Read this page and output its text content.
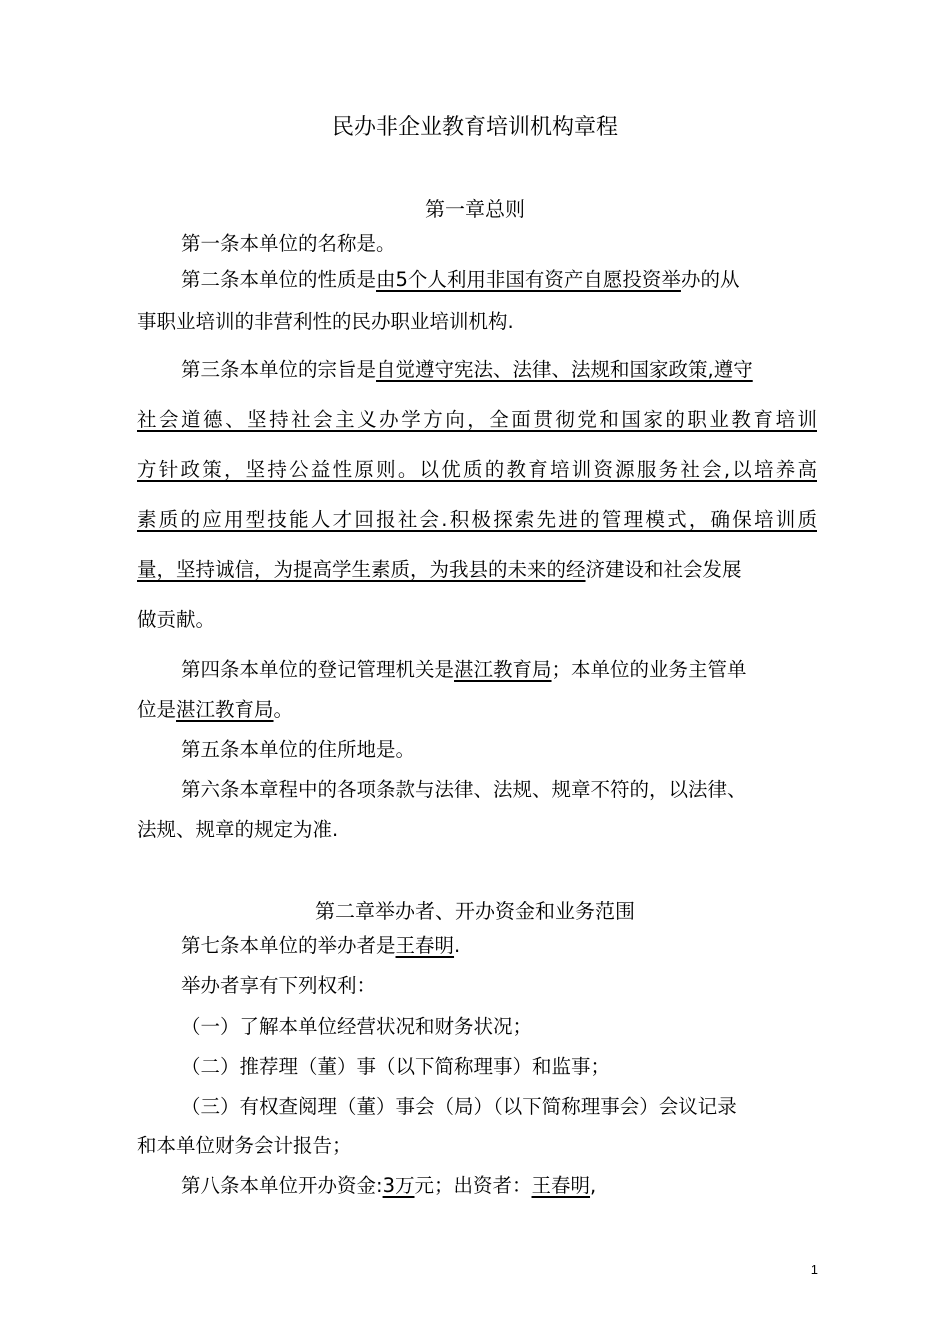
民办非企业教育培训机构章程
第一章总则
第一条本单位的名称是。
第二条本单位的性质是由5个人利用非国有资产自愿投资举办的从
事职业培训的非营利性的民办职业培训机构.
第三条本单位的宗旨是自觉遵守宪法、法律、法规和国家政策,遵守
社会道德、坚持社会主义办学方向，全面贯彻党和国家的职业教育培训
方针政策，坚持公益性原则。以优质的教育培训资源服务社会,以培养高
素质的应用型技能人才回报社会.积极探索先进的管理模式，确保培训质
量，坚持诚信，为提高学生素质，为我县的未来的经济建设和社会发展
做贡献。
第四条本单位的登记管理机关是湛江教育局；本单位的业务主管单
位是湛江教育局。
第五条本单位的住所地是。
第六条本章程中的各项条款与法律、法规、规章不符的，以法律、
法规、规章的规定为准.
第二章举办者、开办资金和业务范围
第七条本单位的举办者是王春明.
举办者享有下列权利：
（一）了解本单位经营状况和财务状况；
（二）推荐理（董）事（以下简称理事）和监事；
（三）有权查阅理（董）事会（局）（以下简称理事会）会议记录
和本单位财务会计报告；
第八条本单位开办资金:3万元；出资者：王春明,
1
